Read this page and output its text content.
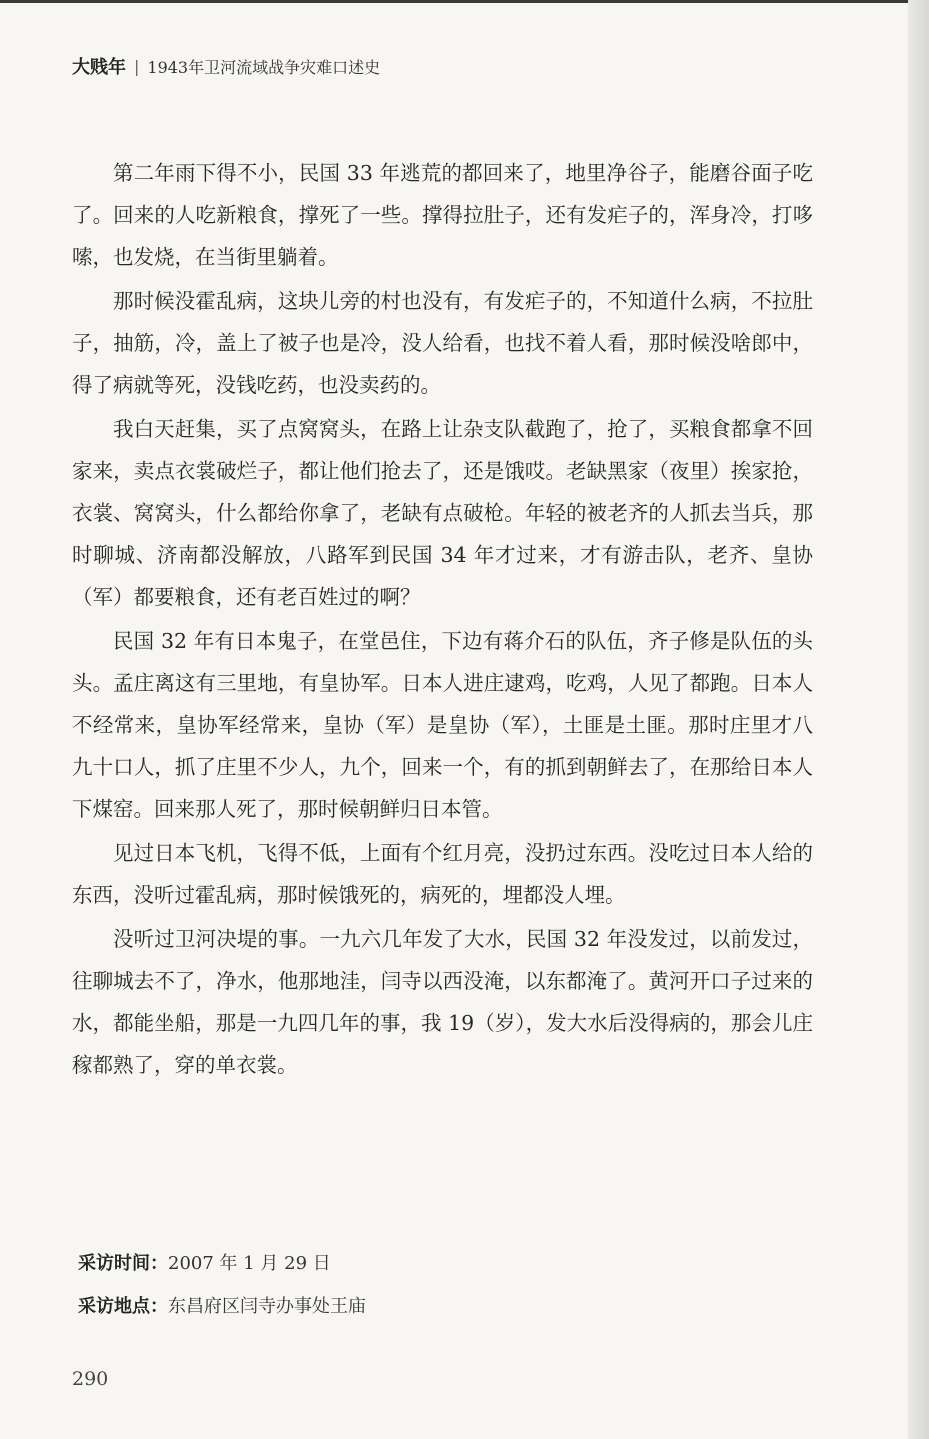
大贱年 | 1943年卫河流域战争灾难口述史

第二年雨下得不小，民国 33 年逃荒的都回来了，地里净谷子，能磨谷面子吃了。回来的人吃新粮食，撑死了一些。撑得拉肚子，还有发疟子的，浑身冷，打哆嗦，也发烧，在当街里躺着。

那时候没霍乱病，这块儿旁的村也没有，有发疟子的，不知道什么病，不拉肚子，抽筋，冷，盖上了被子也是冷，没人给看，也找不着人看，那时候没啥郎中，得了病就等死，没钱吃药，也没卖药的。

我白天赶集，买了点窝窝头，在路上让杂支队截跑了，抢了，买粮食都拿不回家来，卖点衣裳破烂子，都让他们抢去了，还是饿哎。老缺黑家（夜里）挨家抢，衣裳、窝窝头，什么都给你拿了，老缺有点破枪。年轻的被老齐的人抓去当兵，那时聊城、济南都没解放，八路军到民国 34 年才过来，才有游击队，老齐、皇协（军）都要粮食，还有老百姓过的啊？

民国 32 年有日本鬼子，在堂邑住，下边有蒋介石的队伍，齐子修是队伍的头头。孟庄离这有三里地，有皇协军。日本人进庄逮鸡，吃鸡，人见了都跑。日本人不经常来，皇协军经常来，皇协（军）是皇协（军），土匪是土匪。那时庄里才八九十口人，抓了庄里不少人，九个，回来一个，有的抓到朝鲜去了，在那给日本人下煤窑。回来那人死了，那时候朝鲜归日本管。

见过日本飞机，飞得不低，上面有个红月亮，没扔过东西。没吃过日本人给的东西，没听过霍乱病，那时候饿死的，病死的，埋都没人埋。

没听过卫河决堤的事。一九六几年发了大水，民国 32 年没发过，以前发过，往聊城去不了，净水，他那地洼，闫寺以西没淹，以东都淹了。黄河开口子过来的水，都能坐船，那是一九四几年的事，我 19（岁），发大水后没得病的，那会儿庄稼都熟了，穿的单衣裳。

采访时间：2007 年 1 月 29 日
采访地点：东昌府区闫寺办事处王庙
290
